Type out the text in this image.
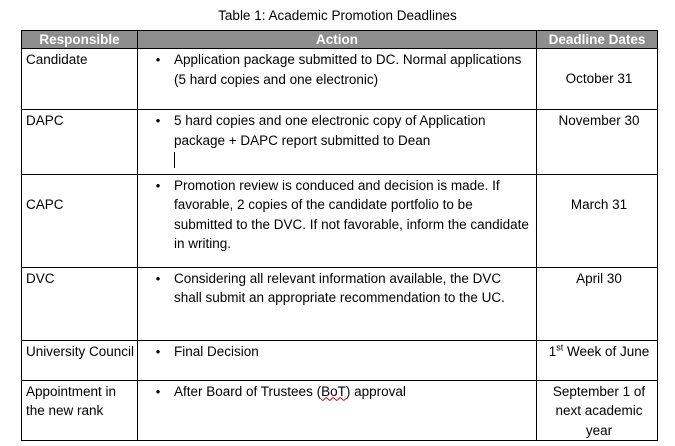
Table 1: Academic Promotion Deadlines
Responsible	Action	Deadline Dates
Candidate	• Application package submitted to DC. Normal applications (5 hard copies and one electronic)	October 31
DAPC	• 5 hard copies and one electronic copy of Application package + DAPC report submitted to Dean	November 30
CAPC	• Promotion review is conduced and decision is made. If favorable, 2 copies of the candidate portfolio to be submitted to the DVC. If not favorable, inform the candidate in writing.	March 31
DVC	• Considering all relevant information available, the DVC shall submit an appropriate recommendation to the UC.	April 30
University Council	• Final Decision	1st Week of June
Appointment in the new rank	• After Board of Trustees (BoT) approval	September 1 of next academic year
